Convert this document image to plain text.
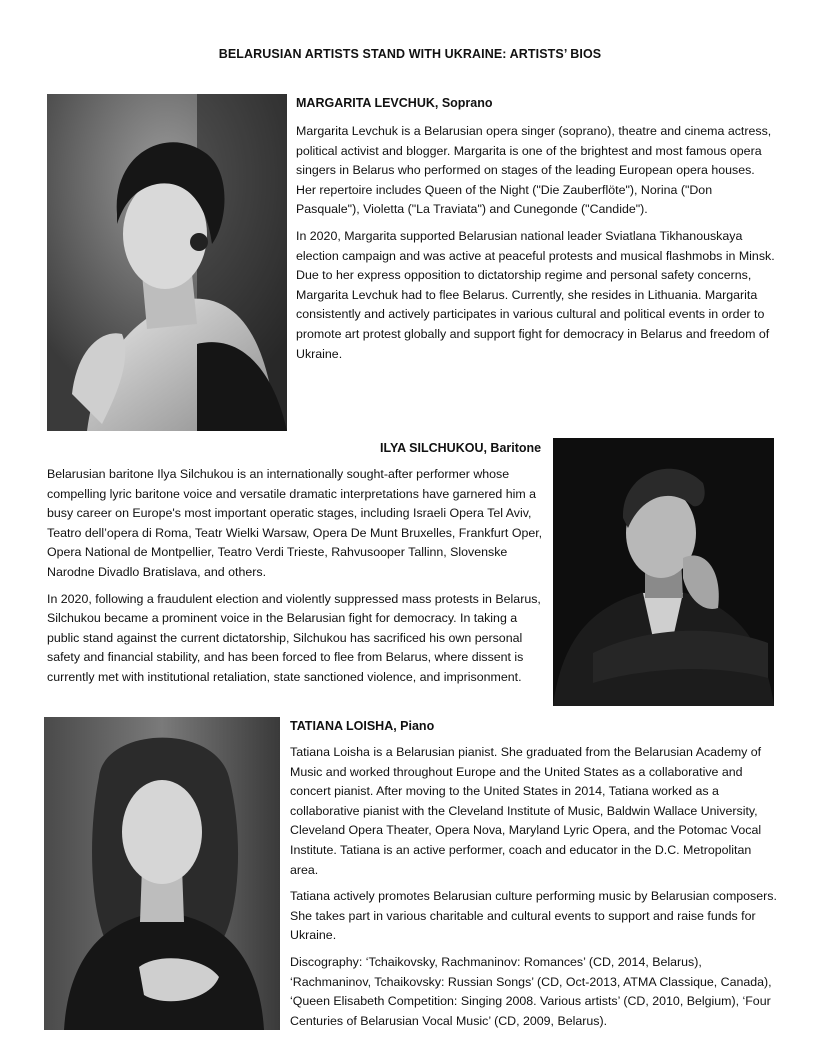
BELARUSIAN ARTISTS STAND WITH UKRAINE: ARTISTS’ BIOS
MARGARITA LEVCHUK, Soprano

Margarita Levchuk is a Belarusian opera singer (soprano), theatre and cinema actress, political activist and blogger. Margarita is one of the brightest and most famous opera singers in Belarus who performed on stages of the leading European opera houses. Her repertoire includes Queen of the Night ("Die Zauberflöte"), Norina ("Don Pasquale"), Violetta ("La Traviata") and Cunegonde ("Candide").

In 2020, Margarita supported Belarusian national leader Sviatlana Tikhanouskaya election campaign and was active at peaceful protests and musical flashmobs in Minsk. Due to her express opposition to dictatorship regime and personal safety concerns, Margarita Levchuk had to flee Belarus. Currently, she resides in Lithuania. Margarita consistently and actively participates in various cultural and political events in order to promote art protest globally and support fight for democracy in Belarus and freedom of Ukraine.

ILYA SILCHUKOU, Baritone

Belarusian baritone Ilya Silchukou is an internationally sought-after performer whose compelling lyric baritone voice and versatile dramatic interpretations have garnered him a busy career on Europe's most important operatic stages, including Israeli Opera Tel Aviv, Teatro dell’opera di Roma, Teatr Wielki Warsaw, Opera De Munt Bruxelles, Frankfurt Oper, Opera National de Montpellier, Teatro Verdi Trieste, Rahvusooper Tallinn, Slovenske Narodne Divadlo Bratislava, and others.

In 2020, following a fraudulent election and violently suppressed mass protests in Belarus, Silchukou became a prominent voice in the Belarusian fight for democracy. In taking a public stand against the current dictatorship, Silchukou has sacrificed his own personal safety and financial stability, and has been forced to flee from Belarus, where dissent is currently met with institutional retaliation, state sanctioned violence, and imprisonment.

TATIANA LOISHA, Piano

Tatiana Loisha is a Belarusian pianist. She graduated from the Belarusian Academy of Music and worked throughout Europe and the United States as a collaborative and concert pianist. After moving to the United States in 2014, Tatiana worked as a collaborative pianist with the Cleveland Institute of Music, Baldwin Wallace University, Cleveland Opera Theater, Opera Nova, Maryland Lyric Opera, and the Potomac Vocal Institute. Tatiana is an active performer, coach and educator in the D.C. Metropolitan area.

Tatiana actively promotes Belarusian culture performing music by Belarusian composers. She takes part in various charitable and cultural events to support and raise funds for Ukraine.

Discography: ‘Tchaikovsky, Rachmaninov: Romances’ (CD, 2014, Belarus), ‘Rachmaninov, Tchaikovsky: Russian Songs’ (CD, Oct-2013, ATMA Classique, Canada), ‘Queen Elisabeth Competition: Singing 2008. Various artists’ (CD, 2010, Belgium), ‘Four Centuries of Belarusian Vocal Music’ (CD, 2009, Belarus).
